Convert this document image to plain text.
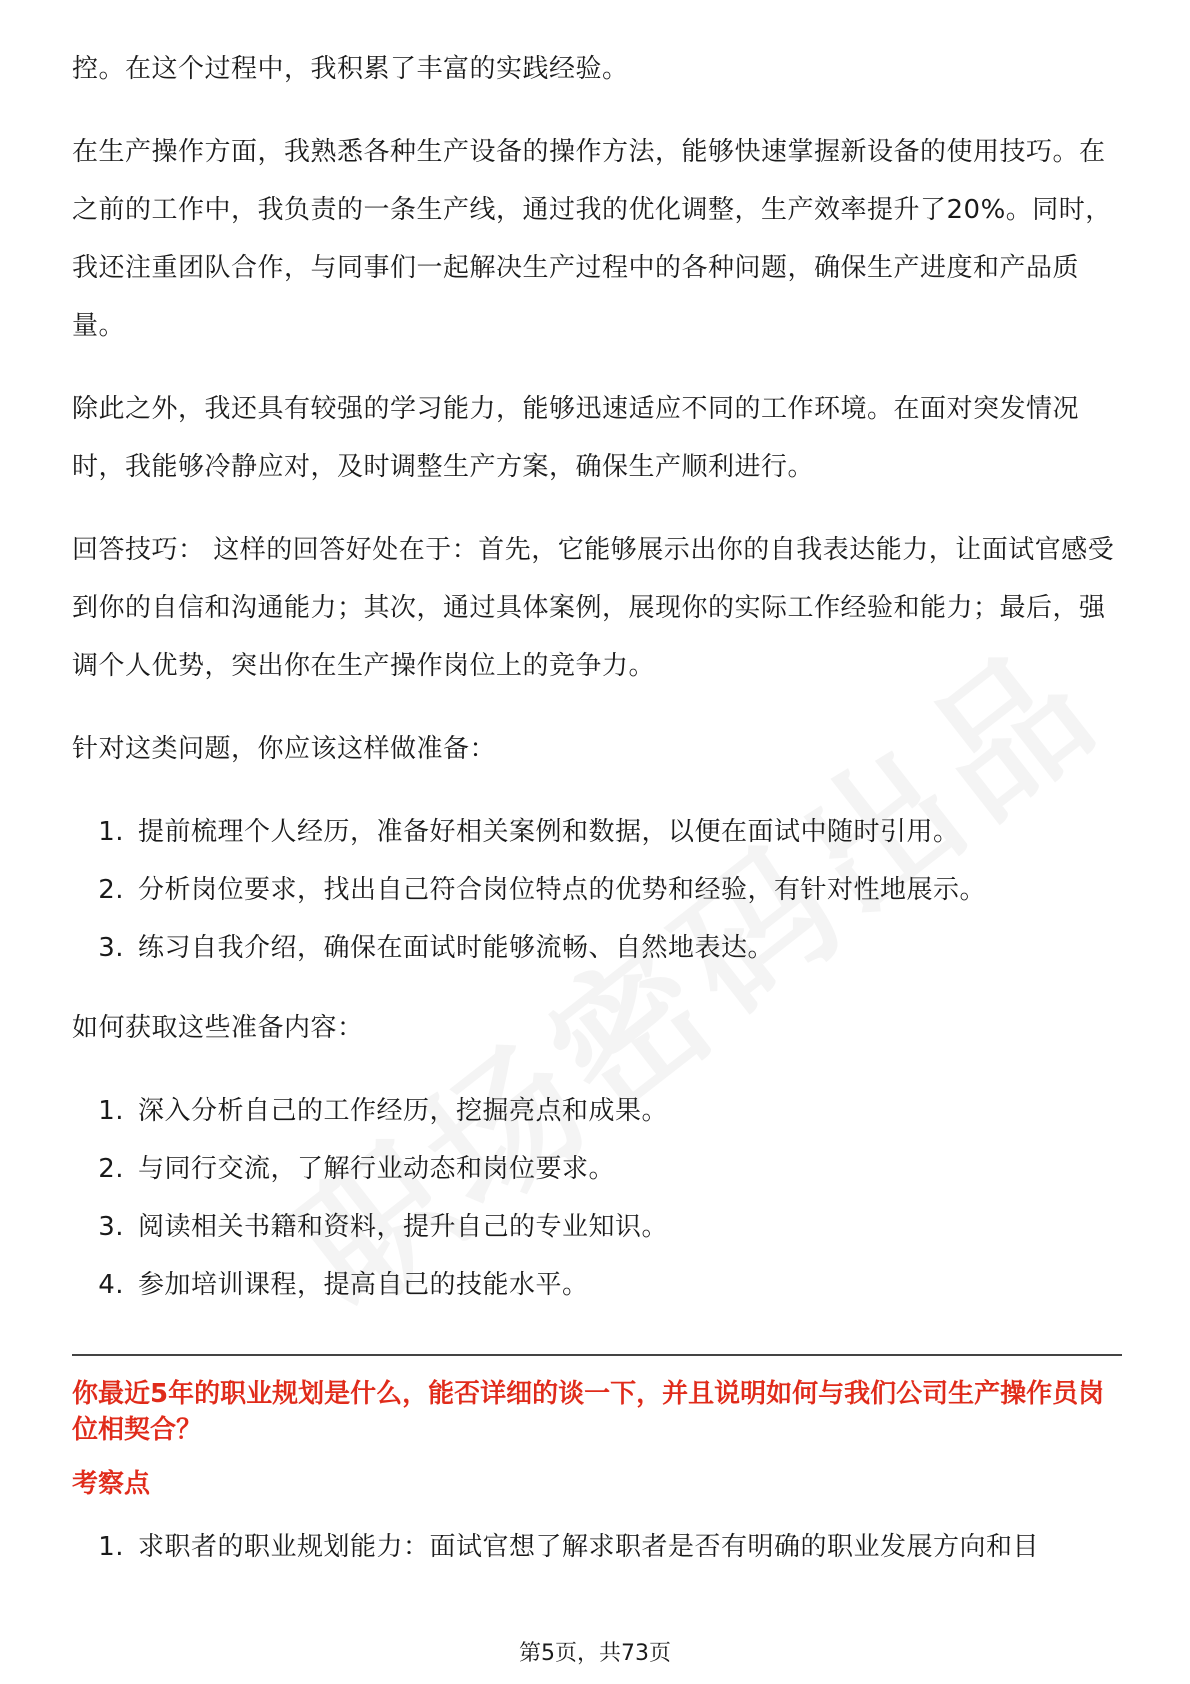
控。在这个过程中，我积累了丰富的实践经验。

在生产操作方面，我熟悉各种生产设备的操作方法，能够快速掌握新设备的使用技巧。在之前的工作中，我负责的一条生产线，通过我的优化调整，生产效率提升了20%。同时，我还注重团队合作，与同事们一起解决生产过程中的各种问题，确保生产进度和产品质量。

除此之外，我还具有较强的学习能力，能够迅速适应不同的工作环境。在面对突发情况时，我能够冷静应对，及时调整生产方案，确保生产顺利进行。

回答技巧： 这样的回答好处在于：首先，它能够展示出你的自我表达能力，让面试官感受到你的自信和沟通能力；其次，通过具体案例，展现你的实际工作经验和能力；最后，强调个人优势，突出你在生产操作岗位上的竞争力。

针对这类问题，你应该这样做准备：

1. 提前梳理个人经历，准备好相关案例和数据，以便在面试中随时引用。
2. 分析岗位要求，找出自己符合岗位特点的优势和经验，有针对性地展示。
3. 练习自我介绍，确保在面试时能够流畅、自然地表达。

如何获取这些准备内容：

1. 深入分析自己的工作经历，挖掘亮点和成果。
2. 与同行交流，了解行业动态和岗位要求。
3. 阅读相关书籍和资料，提升自己的专业知识。
4. 参加培训课程，提高自己的技能水平。
你最近5年的职业规划是什么，能否详细的谈一下，并且说明如何与我们公司生产操作员岗位相契合？
考察点
1. 求职者的职业规划能力：面试官想了解求职者是否有明确的职业发展方向和目
第5页，共73页
